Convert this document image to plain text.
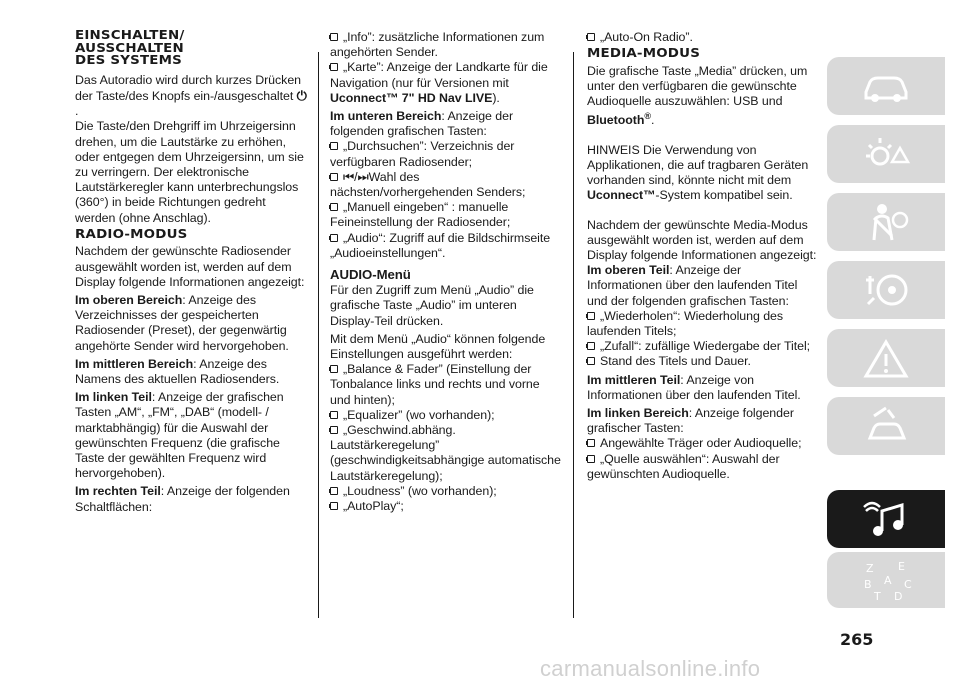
EINSCHALTEN/
AUSSCHALTEN
DES SYSTEMS

Das Autoradio wird durch kurzes Drücken der Taste/des Knopfs ein-/ausgeschaltet ⏻.

Die Taste/den Drehgriff im Uhrzeigersinn drehen, um die Lautstärke zu erhöhen, oder entgegen dem Uhrzeigersinn, um sie zu verringern. Der elektronische Lautstärkeregler kann unterbrechungslos (360°) in beide Richtungen gedreht werden (ohne Anschlag).

RADIO-MODUS

Nachdem der gewünschte Radiosender ausgewählt worden ist, werden auf dem Display folgende Informationen angezeigt:

Im oberen Bereich: Anzeige des Verzeichnisses der gespeicherten Radiosender (Preset), der gegenwärtig angehörte Sender wird hervorgehoben.

Im mittleren Bereich: Anzeige des Namens des aktuellen Radiosenders.

Im linken Teil: Anzeige der grafischen Tasten „AM“, „FM“, „DAB“ (modell- / marktabhängig) für die Auswahl der gewünschten Frequenz (die grafische Taste der gewählten Frequenz wird hervorgehoben).

Im rechten Teil: Anzeige der folgenden Schaltflächen:

„Info”: zusätzliche Informationen zum angehörten Sender.
„Karte”: Anzeige der Landkarte für die Navigation (nur für Versionen mit Uconnect™ 7" HD Nav LIVE).

Im unteren Bereich: Anzeige der folgenden grafischen Tasten:

„Durchsuchen”: Verzeichnis der verfügbaren Radiosender;
⏮/⏭Wahl des nächsten/vorhergehenden Senders;
„Manuell eingeben“ : manuelle Feineinstellung der Radiosender;
„Audio“: Zugriff auf die Bildschirmseite „Audioeinstellungen“.
AUDIO-Menü

Für den Zugriff zum Menü „Audio” die grafische Taste „Audio” im unteren Display-Teil drücken.

Mit dem Menü „Audio“ können folgende Einstellungen ausgeführt werden:

„Balance & Fader” (Einstellung der Tonbalance links und rechts und vorne und hinten);
„Equalizer” (wo vorhanden);
„Geschwind.abhäng. Lautstärkeregelung” (geschwindigkeitsabhängige automatische Lautstärkeregelung);
„Loudness” (wo vorhanden);
„AutoPlay“;
„Auto-On Radio”.
MEDIA-MODUS

Die grafische Taste „Media” drücken, um unter den verfügbaren die gewünschte Audioquelle auszuwählen: USB und Bluetooth®.

HINWEIS Die Verwendung von Applikationen, die auf tragbaren Geräten vorhanden sind, könnte nicht mit dem Uconnect™-System kompatibel sein.

Nachdem der gewünschte Media-Modus ausgewählt worden ist, werden auf dem Display folgende Informationen angezeigt:

Im oberen Teil: Anzeige der Informationen über den laufenden Titel und der folgenden grafischen Tasten:

„Wiederholen“: Wiederholung des laufenden Titels;
„Zufall“: zufällige Wiedergabe der Titel;
Stand des Titels und Dauer.

Im mittleren Teil: Anzeige von Informationen über den laufenden Titel.

Im linken Bereich: Anzeige folgender grafischer Tasten:

Angewählte Träger oder Audioquelle;
„Quelle auswählen“: Auswahl der gewünschten Audioquelle.
Z E
B A C
T D
265
carmanualsonline.info
